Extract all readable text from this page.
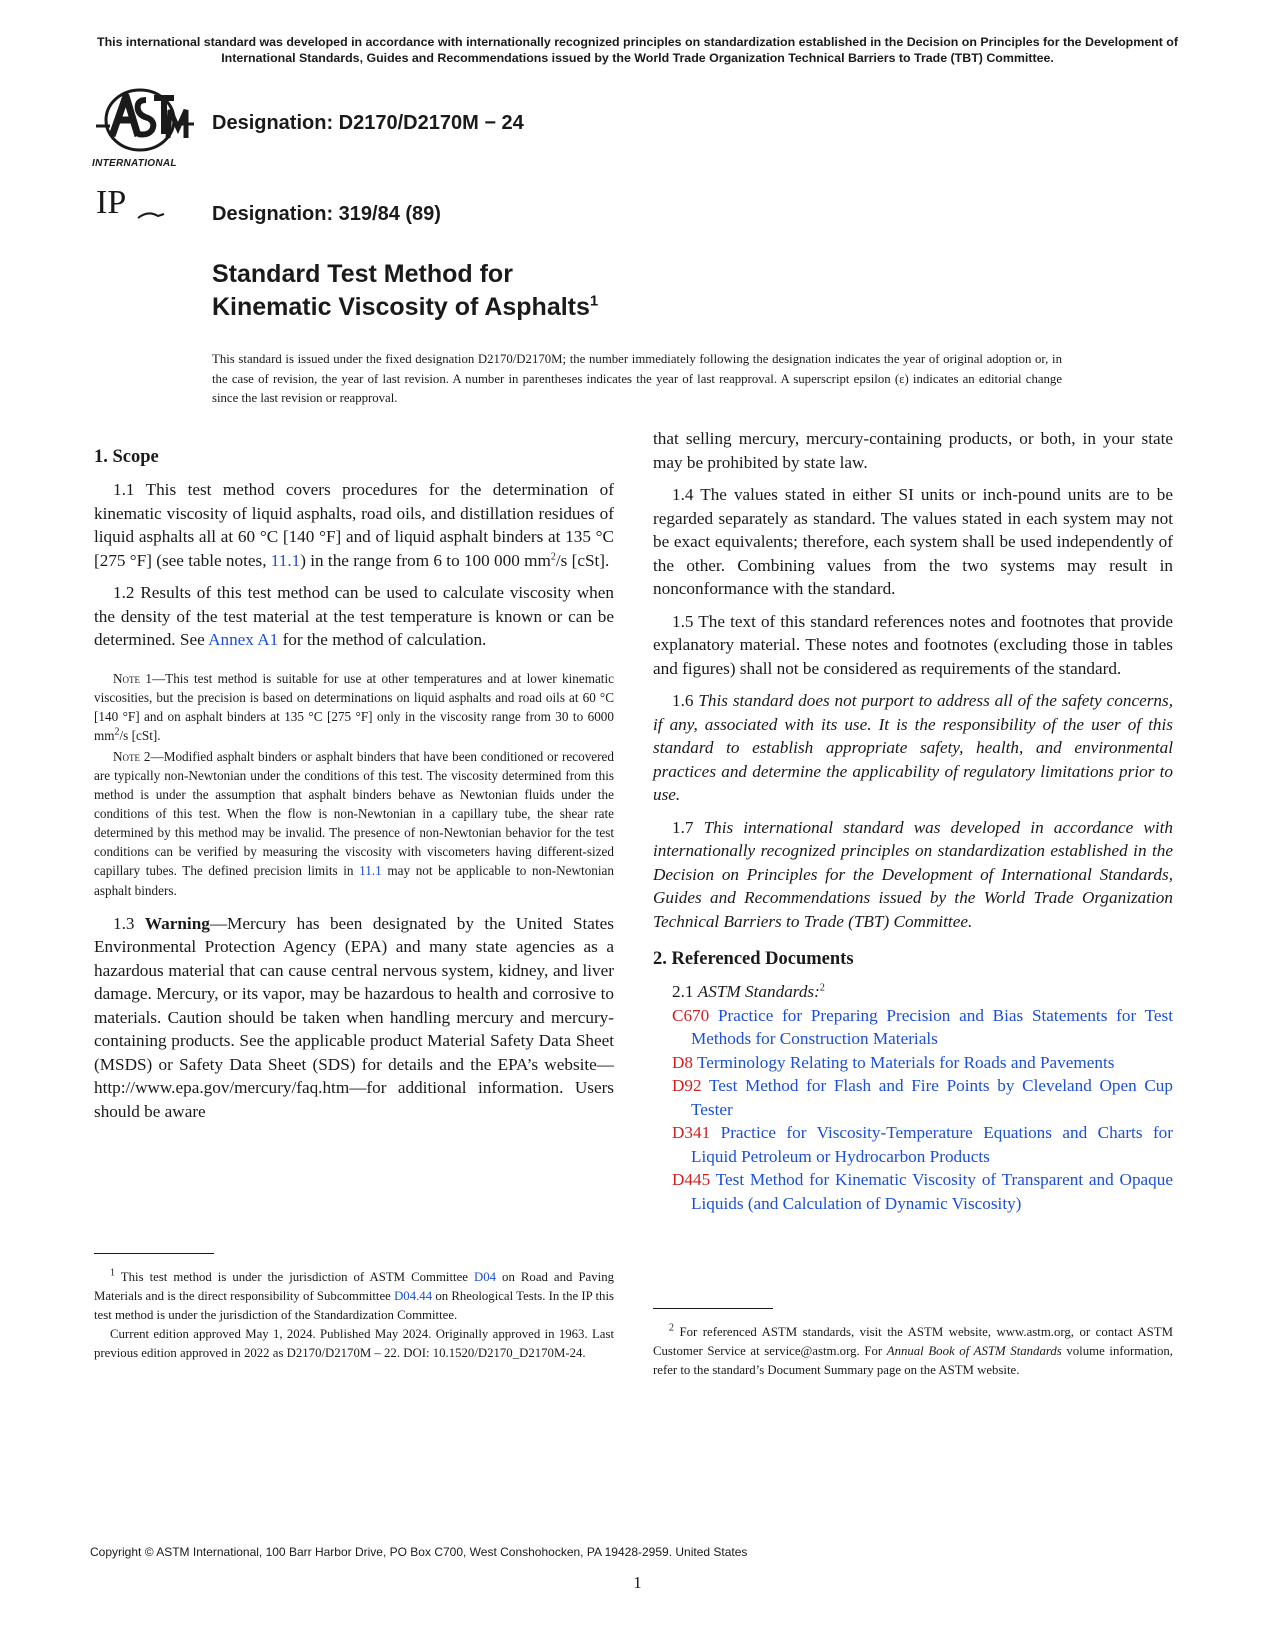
This international standard was developed in accordance with internationally recognized principles on standardization established in the Decision on Principles for the Development of International Standards, Guides and Recommendations issued by the World Trade Organization Technical Barriers to Trade (TBT) Committee.
INTERNATIONAL
IP
Designation: D2170/D2170M − 24
Designation: 319/84 (89)
Standard Test Method for
Kinematic Viscosity of Asphalts$^1$
This standard is issued under the fixed designation D2170/D2170M; the number immediately following the designation indicates the year of original adoption or, in the case of revision, the year of last revision. A number in parentheses indicates the year of last reapproval. A superscript epsilon (ε) indicates an editorial change since the last revision or reapproval.
1. Scope

1.1 This test method covers procedures for the determination of kinematic viscosity of liquid asphalts, road oils, and distillation residues of liquid asphalts all at 60 °C [140 °F] and of liquid asphalt binders at 135 °C [275 °F] (see table notes, 11.1) in the range from 6 to 100 000 $mm^2/s$ [cSt].

1.2 Results of this test method can be used to calculate viscosity when the density of the test material at the test temperature is known or can be determined. See Annex A1 for the method of calculation.

Note 1—This test method is suitable for use at other temperatures and at lower kinematic viscosities, but the precision is based on determinations on liquid asphalts and road oils at 60 °C [140 °F] and on asphalt binders at 135 °C [275 °F] only in the viscosity range from 30 to 6000 $mm^2/s$ [cSt].

Note 2—Modified asphalt binders or asphalt binders that have been conditioned or recovered are typically non-Newtonian under the conditions of this test. The viscosity determined from this method is under the assumption that asphalt binders behave as Newtonian fluids under the conditions of this test. When the flow is non-Newtonian in a capillary tube, the shear rate determined by this method may be invalid. The presence of non-Newtonian behavior for the test conditions can be verified by measuring the viscosity with viscometers having different-sized capillary tubes. The defined precision limits in 11.1 may not be applicable to non-Newtonian asphalt binders.

1.3 Warning—Mercury has been designated by the United States Environmental Protection Agency (EPA) and many state agencies as a hazardous material that can cause central nervous system, kidney, and liver damage. Mercury, or its vapor, may be hazardous to health and corrosive to materials. Caution should be taken when handling mercury and mercury-containing products. See the applicable product Material Safety Data Sheet (MSDS) or Safety Data Sheet (SDS) for details and the EPA’s website—http://www.epa.gov/mercury/faq.htm—for additional information. Users should be aware

$^1$ This test method is under the jurisdiction of ASTM Committee D04 on Road and Paving Materials and is the direct responsibility of Subcommittee D04.44 on Rheological Tests. In the IP this test method is under the jurisdiction of the Standardization Committee.
Current edition approved May 1, 2024. Published May 2024. Originally approved in 1963. Last previous edition approved in 2022 as D2170/D2170M – 22. DOI: 10.1520/D2170_D2170M-24.

that selling mercury, mercury-containing products, or both, in your state may be prohibited by state law.

1.4 The values stated in either SI units or inch-pound units are to be regarded separately as standard. The values stated in each system may not be exact equivalents; therefore, each system shall be used independently of the other. Combining values from the two systems may result in nonconformance with the standard.

1.5 The text of this standard references notes and footnotes that provide explanatory material. These notes and footnotes (excluding those in tables and figures) shall not be considered as requirements of the standard.

1.6 This standard does not purport to address all of the safety concerns, if any, associated with its use. It is the responsibility of the user of this standard to establish appropriate safety, health, and environmental practices and determine the applicability of regulatory limitations prior to use.

1.7 This international standard was developed in accordance with internationally recognized principles on standardization established in the Decision on Principles for the Development of International Standards, Guides and Recommendations issued by the World Trade Organization Technical Barriers to Trade (TBT) Committee.

2. Referenced Documents

2.1 ASTM Standards:$^2$

C670 Practice for Preparing Precision and Bias Statements for Test Methods for Construction Materials
D8 Terminology Relating to Materials for Roads and Pavements
D92 Test Method for Flash and Fire Points by Cleveland Open Cup Tester
D341 Practice for Viscosity-Temperature Equations and Charts for Liquid Petroleum or Hydrocarbon Products
D445 Test Method for Kinematic Viscosity of Transparent and Opaque Liquids (and Calculation of Dynamic Viscosity)
$^2$ For referenced ASTM standards, visit the ASTM website, www.astm.org, or contact ASTM Customer Service at service@astm.org. For Annual Book of ASTM Standards volume information, refer to the standard’s Document Summary page on the ASTM website.
Copyright © ASTM International, 100 Barr Harbor Drive, PO Box C700, West Conshohocken, PA 19428-2959. United States
1
